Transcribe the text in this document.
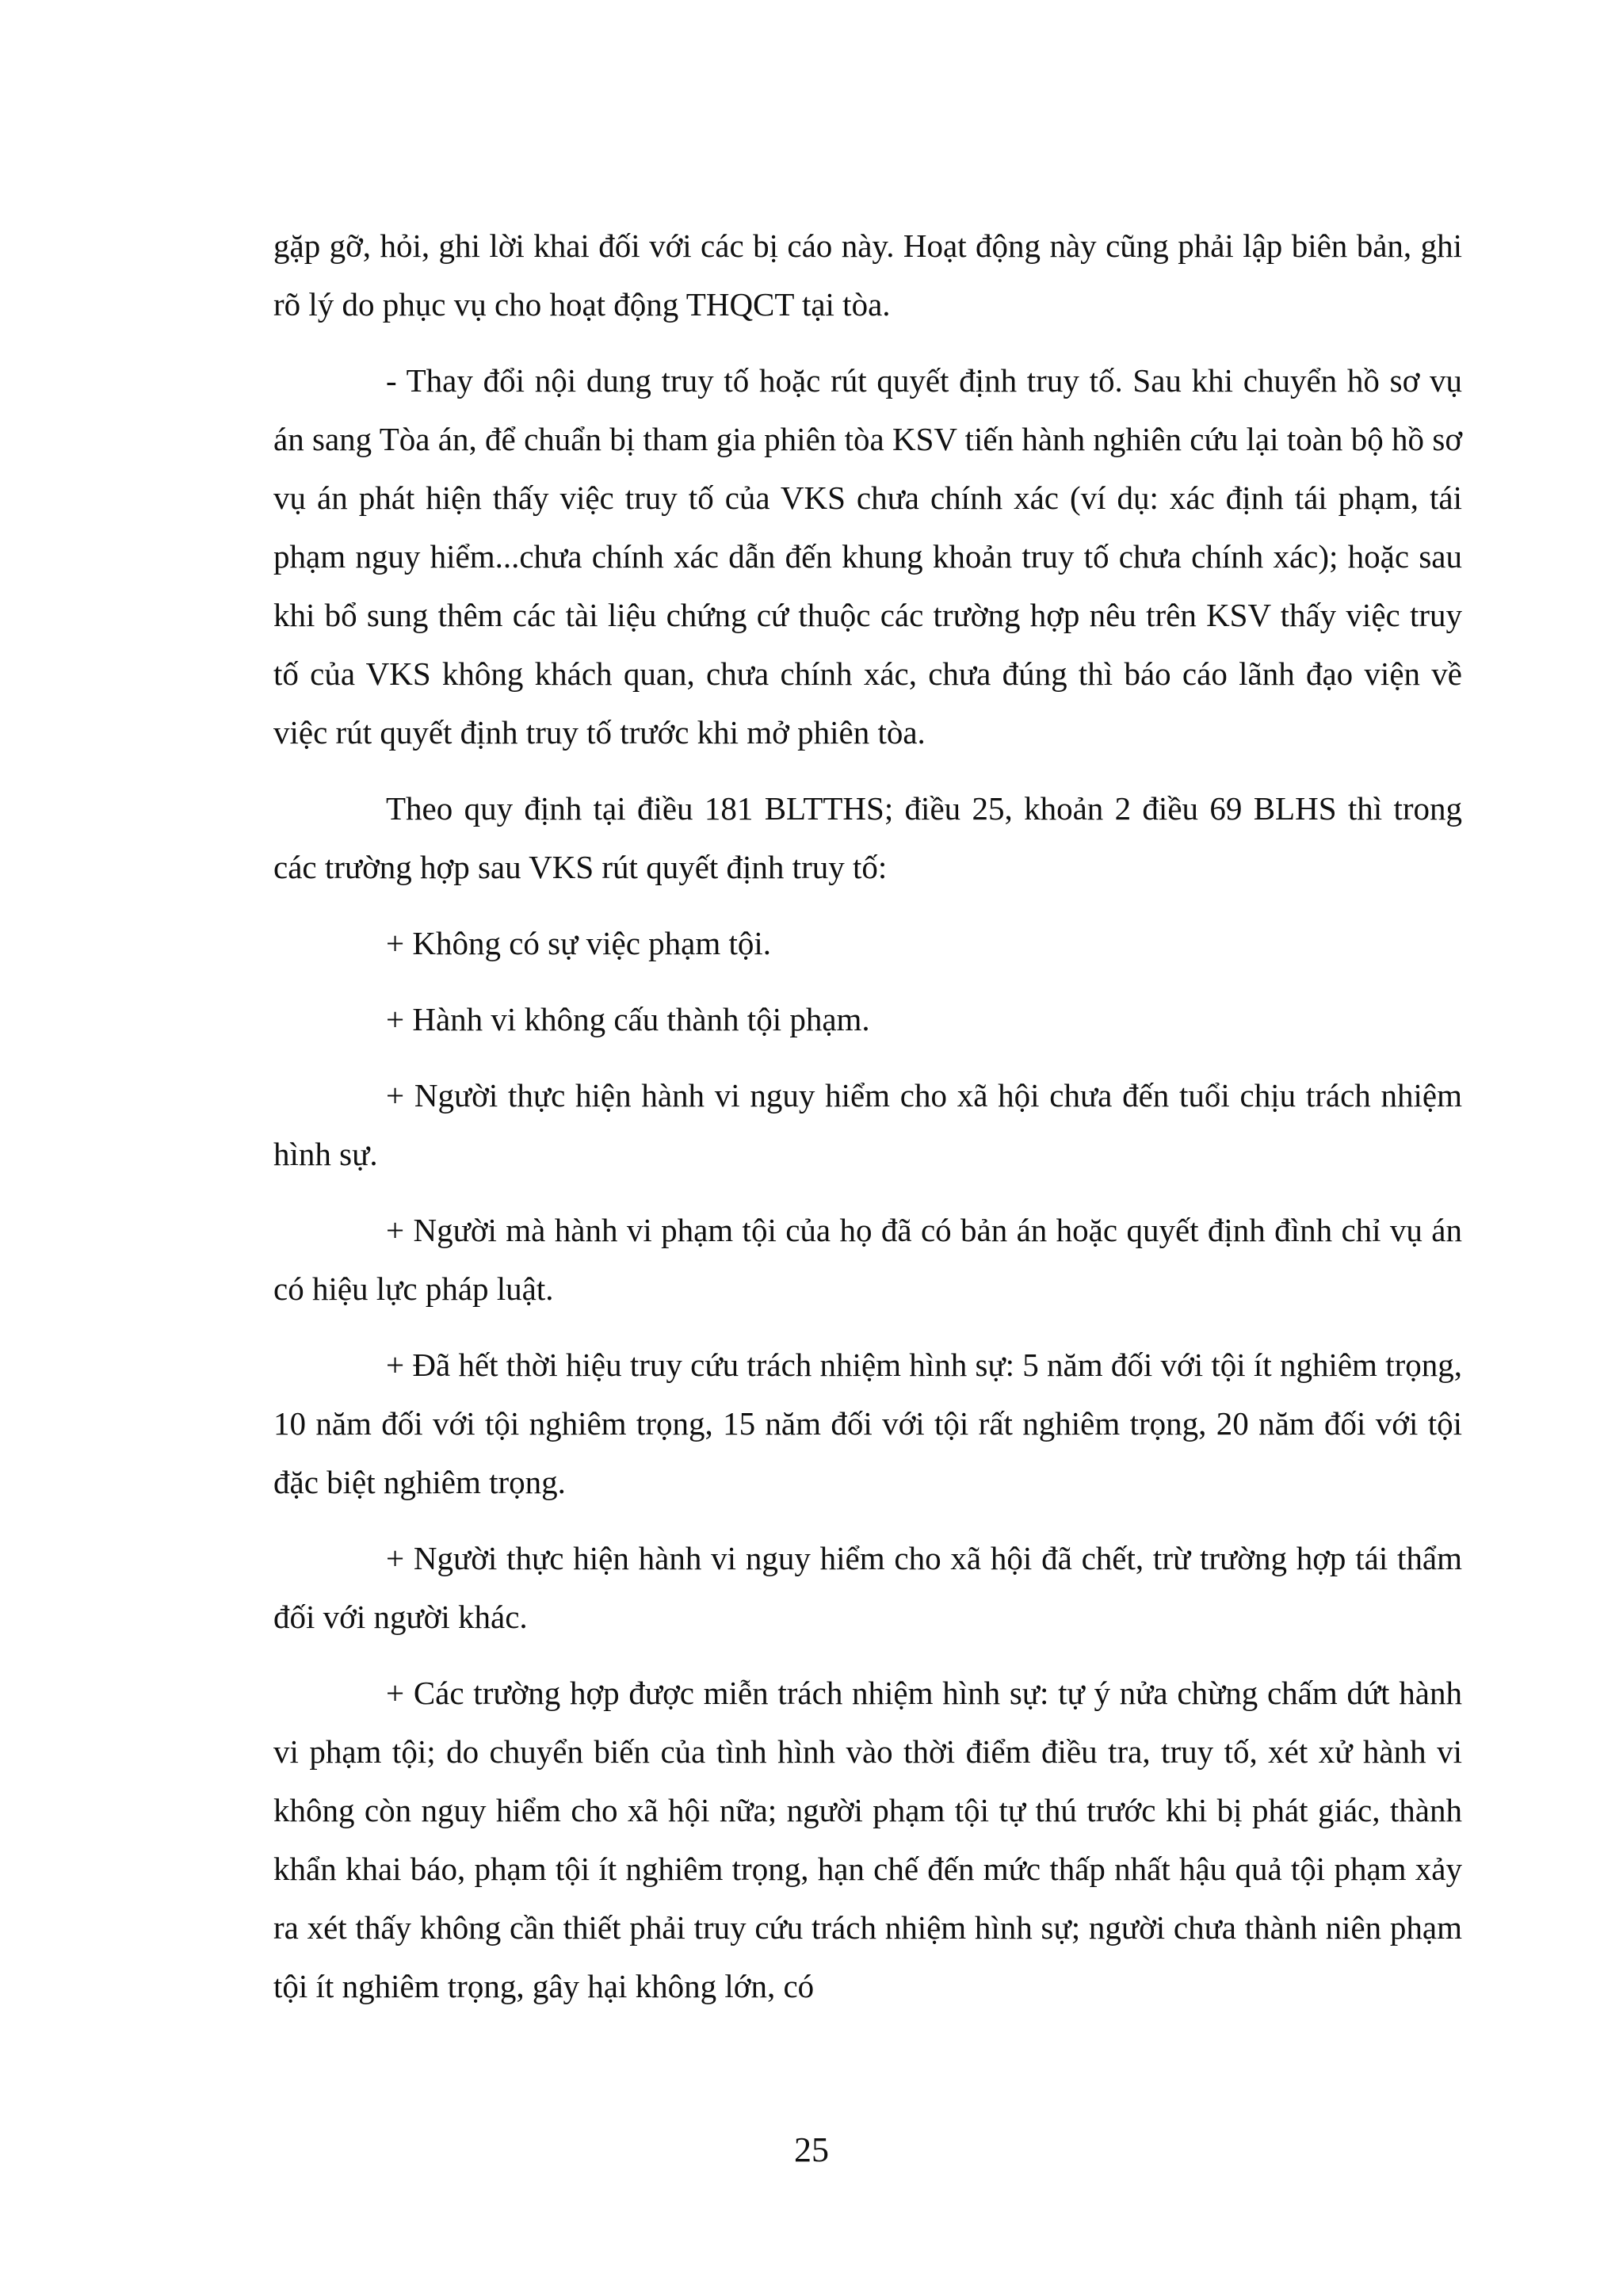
gặp gỡ, hỏi, ghi lời khai đối với các bị cáo này. Hoạt động này cũng phải lập biên bản, ghi rõ lý do phục vụ cho hoạt động THQCT tại tòa.

- Thay đổi nội dung truy tố hoặc rút quyết định truy tố. Sau khi chuyển hồ sơ vụ án sang Tòa án, để chuẩn bị tham gia phiên tòa KSV tiến hành nghiên cứu lại toàn bộ hồ sơ vụ án phát hiện thấy việc truy tố của VKS chưa chính xác (ví dụ: xác định tái phạm, tái phạm nguy hiểm...chưa chính xác dẫn đến khung khoản truy tố chưa chính xác); hoặc sau khi bổ sung thêm các tài liệu chứng cứ thuộc các trường hợp nêu trên KSV thấy việc truy tố của VKS không khách quan, chưa chính xác, chưa đúng thì báo cáo lãnh đạo viện về việc rút quyết định truy tố trước khi mở phiên tòa.

Theo quy định tại điều 181 BLTTHS; điều 25, khoản 2 điều 69 BLHS thì trong các trường hợp sau VKS rút quyết định truy tố:

+ Không có sự việc phạm tội.

+ Hành vi không cấu thành tội phạm.

+ Người thực hiện hành vi nguy hiểm cho xã hội chưa đến tuổi chịu trách nhiệm hình sự.

+ Người mà hành vi phạm tội của họ đã có bản án hoặc quyết định đình chỉ vụ án có hiệu lực pháp luật.

+ Đã hết thời hiệu truy cứu trách nhiệm hình sự: 5 năm đối với tội ít nghiêm trọng, 10 năm đối với tội nghiêm trọng, 15 năm đối với tội rất nghiêm trọng, 20 năm đối với tội đặc biệt nghiêm trọng.

+ Người thực hiện hành vi nguy hiểm cho xã hội đã chết, trừ trường hợp tái thẩm đối với người khác.

+ Các trường hợp được miễn trách nhiệm hình sự: tự ý nửa chừng chấm dứt hành vi phạm tội; do chuyển biến của tình hình vào thời điểm điều tra, truy tố, xét xử hành vi không còn nguy hiểm cho xã hội nữa; người phạm tội tự thú trước khi bị phát giác, thành khẩn khai báo, phạm tội ít nghiêm trọng, hạn chế đến mức thấp nhất hậu quả tội phạm xảy ra xét thấy không cần thiết phải truy cứu trách nhiệm hình sự; người chưa thành niên phạm tội ít nghiêm trọng, gây hại không lớn, có

25
